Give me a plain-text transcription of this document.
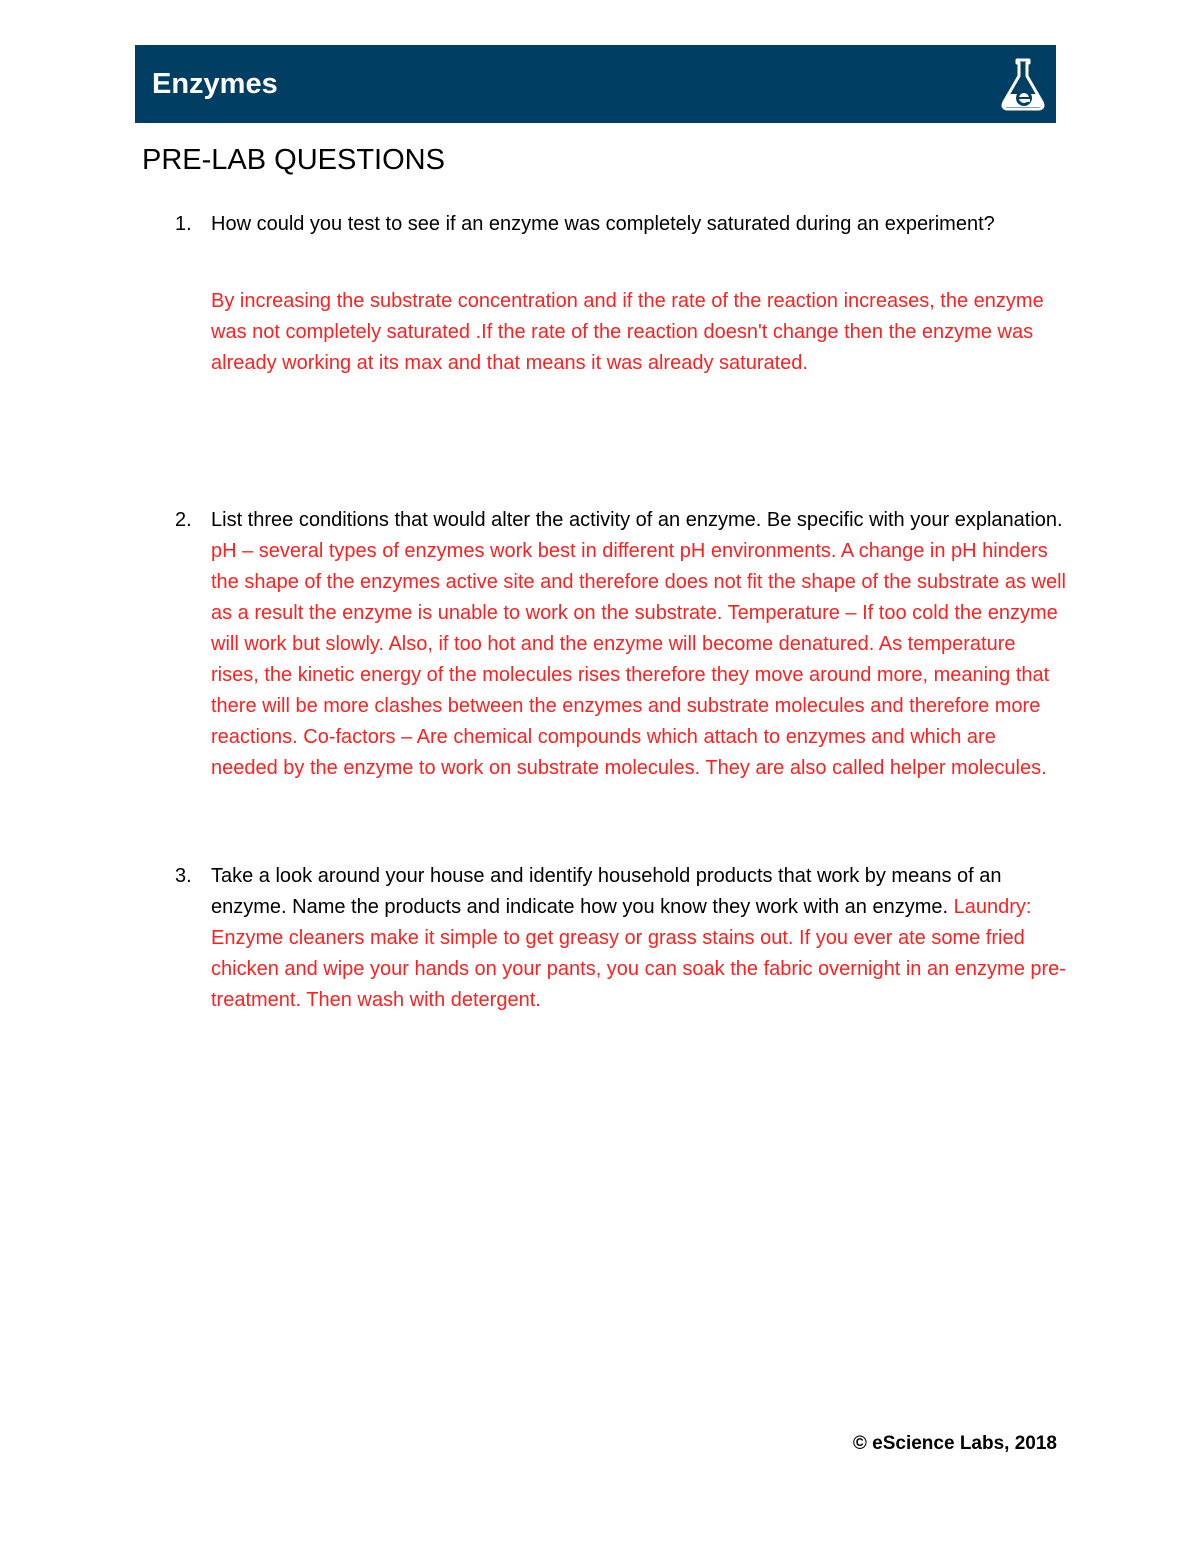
Enzymes
PRE-LAB QUESTIONS
1. How could you test to see if an enzyme was completely saturated during an experiment?
By increasing the substrate concentration and if the rate of the reaction increases, the enzyme was not completely saturated .If the rate of the reaction doesn't change then the enzyme was already working at its max and that means it was already saturated.
2. List three conditions that would alter the activity of an enzyme. Be specific with your explanation. pH – several types of enzymes work best in different pH environments. A change in pH hinders the shape of the enzymes active site and therefore does not fit the shape of the substrate as well as a result the enzyme is unable to work on the substrate. Temperature – If too cold the enzyme will work but slowly. Also, if too hot and the enzyme will become denatured. As temperature rises, the kinetic energy of the molecules rises therefore they move around more, meaning that there will be more clashes between the enzymes and substrate molecules and therefore more reactions. Co-factors – Are chemical compounds which attach to enzymes and which are needed by the enzyme to work on substrate molecules. They are also called helper molecules.
3. Take a look around your house and identify household products that work by means of an enzyme. Name the products and indicate how you know they work with an enzyme. Laundry: Enzyme cleaners make it simple to get greasy or grass stains out. If you ever ate some fried chicken and wipe your hands on your pants, you can soak the fabric overnight in an enzyme pre-treatment. Then wash with detergent.
© eScience Labs, 2018
